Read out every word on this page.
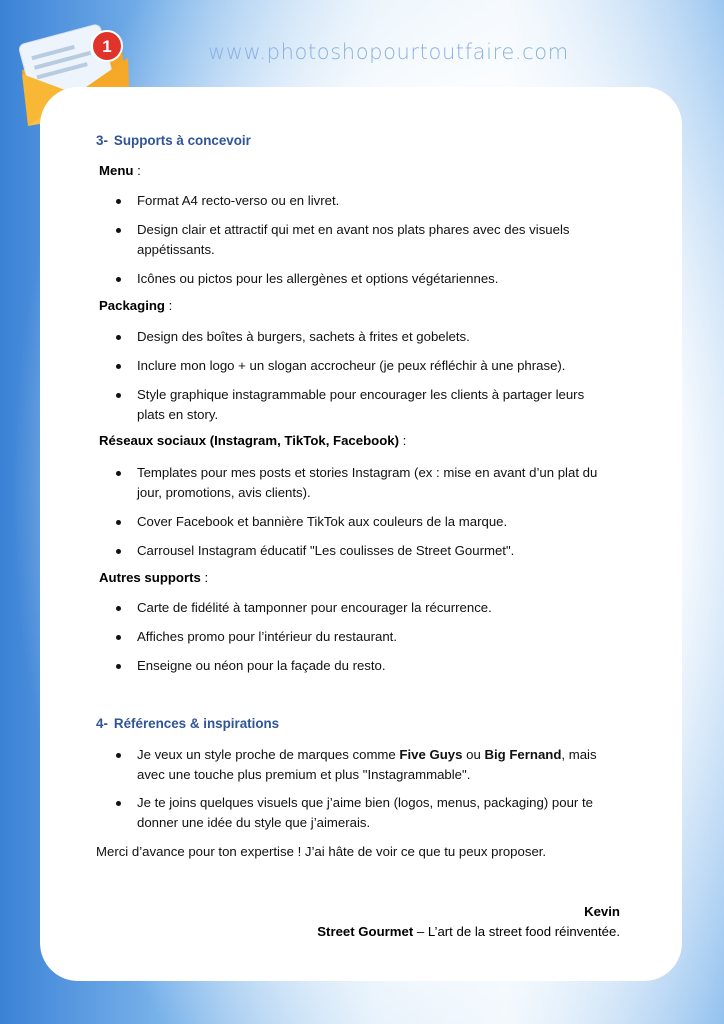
www.photoshopourtoutfaire.com
1
3- Supports à concevoir
Menu :
Format A4 recto-verso ou en livret.
Design clair et attractif qui met en avant nos plats phares avec des visuels
appétissants.
Icônes ou pictos pour les allergènes et options végétariennes.
Packaging :
Design des boîtes à burgers, sachets à frites et gobelets.
Inclure mon logo + un slogan accrocheur (je peux réfléchir à une phrase).
Style graphique instagrammable pour encourager les clients à partager leurs
plats en story.
Réseaux sociaux (Instagram, TikTok, Facebook) :
Templates pour mes posts et stories Instagram (ex : mise en avant d’un plat du
jour, promotions, avis clients).
Cover Facebook et bannière TikTok aux couleurs de la marque.
Carrousel Instagram éducatif "Les coulisses de Street Gourmet".
Autres supports :
Carte de fidélité à tamponner pour encourager la récurrence.
Affiches promo pour l’intérieur du restaurant.
Enseigne ou néon pour la façade du resto.
4- Références & inspirations
Je veux un style proche de marques comme Five Guys ou Big Fernand, mais
avec une touche plus premium et plus "Instagrammable".
Je te joins quelques visuels que j’aime bien (logos, menus, packaging) pour te
donner une idée du style que j’aimerais.
Merci d’avance pour ton expertise ! J’ai hâte de voir ce que tu peux proposer.
Kevin
Street Gourmet – L’art de la street food réinventée.
